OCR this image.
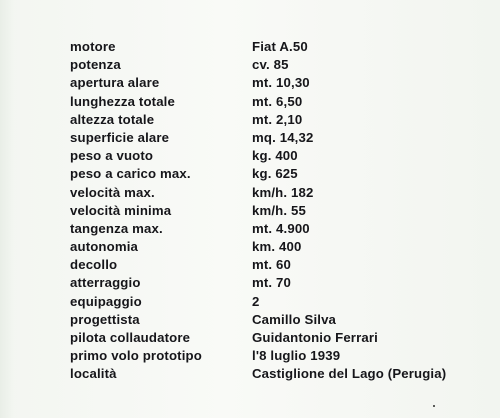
motore	Fiat A.50
potenza	cv. 85
apertura alare	mt. 10,30
lunghezza totale	mt. 6,50
altezza totale	mt. 2,10
superficie alare	mq. 14,32
peso a vuoto	kg. 400
peso a carico max.	kg. 625
velocità max.	km/h. 182
velocità minima	km/h. 55
tangenza max.	mt. 4.900
autonomia	km. 400
decollo	mt. 60
atterraggio	mt. 70
equipaggio	2
progettista	Camillo Silva
pilota collaudatore	Guidantonio Ferrari
primo volo prototipo	l'8 luglio 1939
località	Castiglione del Lago (Perugia)
